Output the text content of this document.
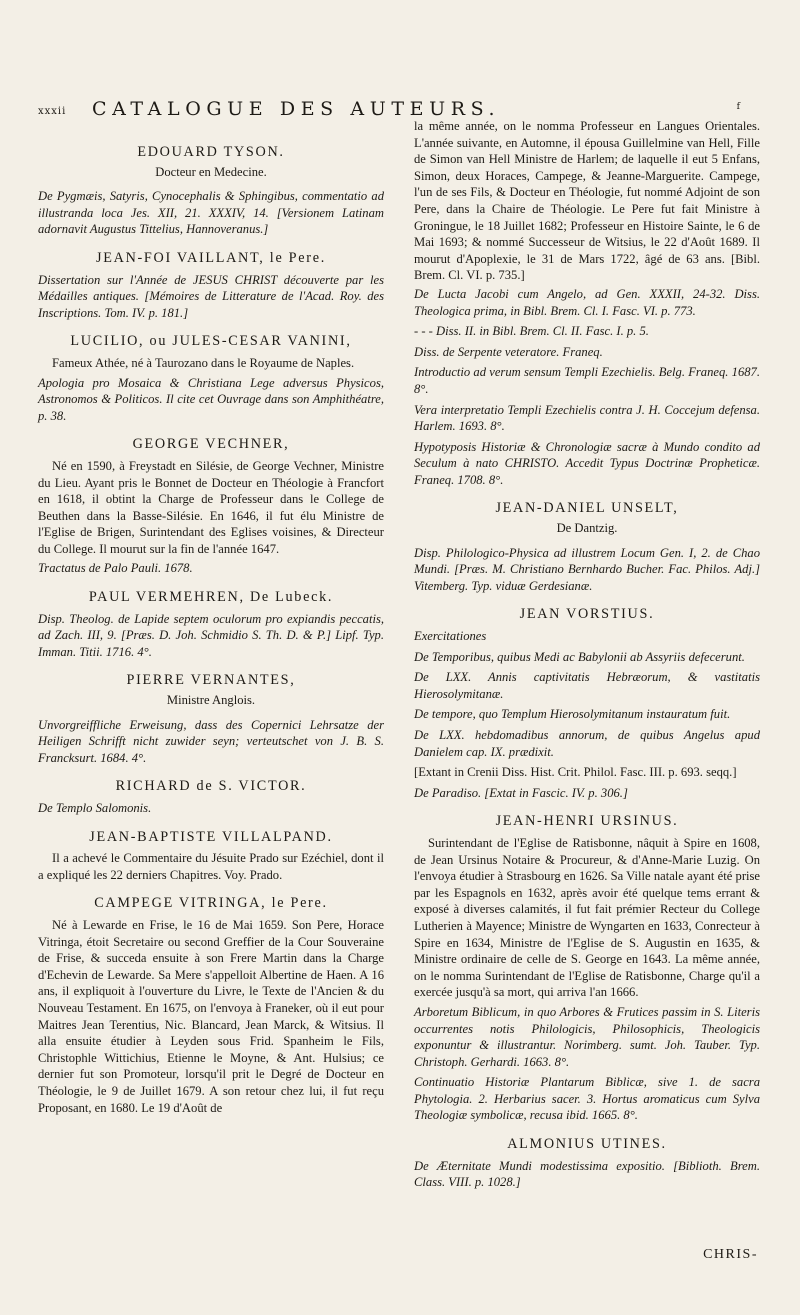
xxxii CATALOGUE DES AUTEURS.	f
EDOUARD TYSON.
Docteur en Medecine.
De Pygmæis, Satyris, Cynocephalis & Sphingibus, commentatio ad illustranda loca Jes. XII, 21. XXXIV, 14. [Versionem Latinam adornavit Augustus Tittelius, Hannoveranus.]
JEAN-FOI VAILLANT, le Pere.
Dissertation sur l'Année de JESUS CHRIST découverte par les Médailles antiques. [Mémoires de Litterature de l'Acad. Roy. des Inscriptions. Tom. IV. p. 181.]
LUCILIO, ou JULES-CESAR VANINI,
Fameux Athée, né à Taurozano dans le Royaume de Naples.
Apologia pro Mosaica & Christiana Lege adversus Physicos, Astronomos & Politicos. Il cite cet Ouvrage dans son Amphithéatre, p. 38.
GEORGE VECHNER,
Né en 1590, à Freystadt en Silésie, de George Vechner, Ministre du Lieu. Ayant pris le Bonnet de Docteur en Théologie à Francfort en 1618, il obtint la Charge de Professeur dans le College de Beuthen dans la Basse-Silésie. En 1646, il fut élu Ministre de l'Eglise de Brigen, Surintendant des Eglises voisines, & Directeur du College. Il mourut sur la fin de l'année 1647.
Tractatus de Palo Pauli. 1678.
PAUL VERMEHREN, De Lubeck.
Disp. Theolog. de Lapide septem oculorum pro expiandis peccatis, ad Zach. III, 9. [Præs. D. Joh. Schmidio S. Th. D. & P.] Lipf. Typ. Imman. Titii. 1716. 4°.
PIERRE VERNANTES,
Ministre Anglois.
Unvorgreiffliche Erweisung, dass des Copernici Lehrsatze der Heiligen Schrifft nicht zuwider seyn; verteutschet von J. B. S. Francksurt. 1684. 4°.
RICHARD de S. VICTOR.
De Templo Salomonis.
JEAN-BAPTISTE VILLALPAND.
Il a achevé le Commentaire du Jésuite Prado sur Ezéchiel, dont il a expliqué les 22 derniers Chapitres. Voy. Prado.
CAMPEGE VITRINGA, le Pere.
Né à Lewarde en Frise, le 16 de Mai 1659. Son Pere, Horace Vitringa, étoit Secretaire ou second Greffier de la Cour Souveraine de Frise, & succeda ensuite à son Frere Martin dans la Charge d'Echevin de Lewarde. Sa Mere s'appelloit Albertine de Haen. A 16 ans, il expliquoit à l'ouverture du Livre, le Texte de l'Ancien & du Nouveau Testament. En 1675, on l'envoya à Franeker, où il eut pour Maitres Jean Terentius, Nic. Blancard, Jean Marck, & Witsius. Il alla ensuite étudier à Leyden sous Frid. Spanheim le Fils, Christophle Wittichius, Etienne le Moyne, & Ant. Hulsius; ce dernier fut son Promoteur, lorsqu'il prit le Degré de Docteur en Théologie, le 9 de Juillet 1679. A son retour chez lui, il fut reçu Proposant, en 1680. Le 19 d'Août de
la même année, on le nomma Professeur en Langues Orientales. L'année suivante, en Automne, il épousa Guillelmine van Hell, Fille de Simon van Hell Ministre de Harlem; de laquelle il eut 5 Enfans, Simon, deux Horaces, Campege, & Jeanne-Marguerite. Campege, l'un de ses Fils, & Docteur en Théologie, fut nommé Adjoint de son Pere, dans la Chaire de Théologie. Le Pere fut fait Ministre à Groningue, le 18 Juillet 1682; Professeur en Histoire Sainte, le 6 de Mai 1693; & nommé Successeur de Witsius, le 22 d'Août 1689. Il mourut d'Apoplexie, le 31 de Mars 1722, âgé de 63 ans. [Bibl. Brem. Cl. VI. p. 735.]
De Lucta Jacobi cum Angelo, ad Gen. XXXII, 24-32. Diss. Theologica prima, in Bibl. Brem. Cl. I. Fasc. VI. p. 773.
- - - Diss. II. in Bibl. Brem. Cl. II. Fasc. I. p. 5.
Diss. de Serpente veteratore. Franeq.
Introductio ad verum sensum Templi Ezechielis. Belg. Franeq. 1687. 8°.
Vera interpretatio Templi Ezechielis contra J. H. Coccejum defensa. Harlem. 1693. 8°.
Hypotyposis Historiæ & Chronologiæ sacræ à Mundo condito ad Seculum à nato CHRISTO. Accedit Typus Doctrinæ Propheticæ. Franeq. 1708. 8°.
JEAN-DANIEL UNSELT,
De Dantzig.
Disp. Philologico-Physica ad illustrem Locum Gen. I, 2. de Chao Mundi. [Præs. M. Christiano Bernhardo Bucher. Fac. Philos. Adj.] Vitemberg. Typ. viduæ Gerdesianæ.
JEAN VORSTIUS.
Exercitationes
De Temporibus, quibus Medi ac Babylonii ab Assyriis defecerunt.
De LXX. Annis captivitatis Hebræorum, & vastitatis Hierosolymitanæ.
De tempore, quo Templum Hierosolymitanum instauratum fuit.
De LXX. hebdomadibus annorum, de quibus Angelus apud Danielem cap. IX. prædixit.
[Extant in Crenii Diss. Hist. Crit. Philol. Fasc. III. p. 693. seqq.]
De Paradiso. [Extat in Fasciс. IV. p. 306.]
JEAN-HENRI URSINUS.
Surintendant de l'Eglise de Ratisbonne, nâquit à Spire en 1608, de Jean Ursinus Notaire & Procureur, & d'Anne-Marie Luzig. On l'envoya étudier à Strasbourg en 1626. Sa Ville natale ayant été prise par les Espagnols en 1632, après avoir été quelque tems errant & exposé à diverses calamités, il fut fait prémier Recteur du College Lutherien à Mayence; Ministre de Wyngarten en 1633, Conrecteur à Spire en 1634, Ministre de l'Eglise de S. Augustin en 1635, & Ministre ordinaire de celle de S. George en 1643. La même année, on le nomma Surintendant de l'Eglise de Ratisbonne, Charge qu'il a exercée jusqu'à sa mort, qui arriva l'an 1666.
Arboretum Biblicum, in quo Arbores & Frutices passim in S. Literis occurrentes notis Philologicis, Philosophicis, Theologicis exponuntur & illustrantur. Norimberg. sumt. Joh. Tauber. Typ. Christoph. Gerhardi. 1663. 8°.
Continuatio Historiæ Plantarum Biblicæ, sive 1. de sacra Phytologia. 2. Herbarius sacer. 3. Hortus aromaticus cum Sylva Theologiæ symbolicæ, recusa ibid. 1665. 8°.
ALMONIUS UTINES.
De Æternitate Mundi modestissima expositio. [Biblioth. Brem. Class. VIII. p. 1028.]
CHRIS-
